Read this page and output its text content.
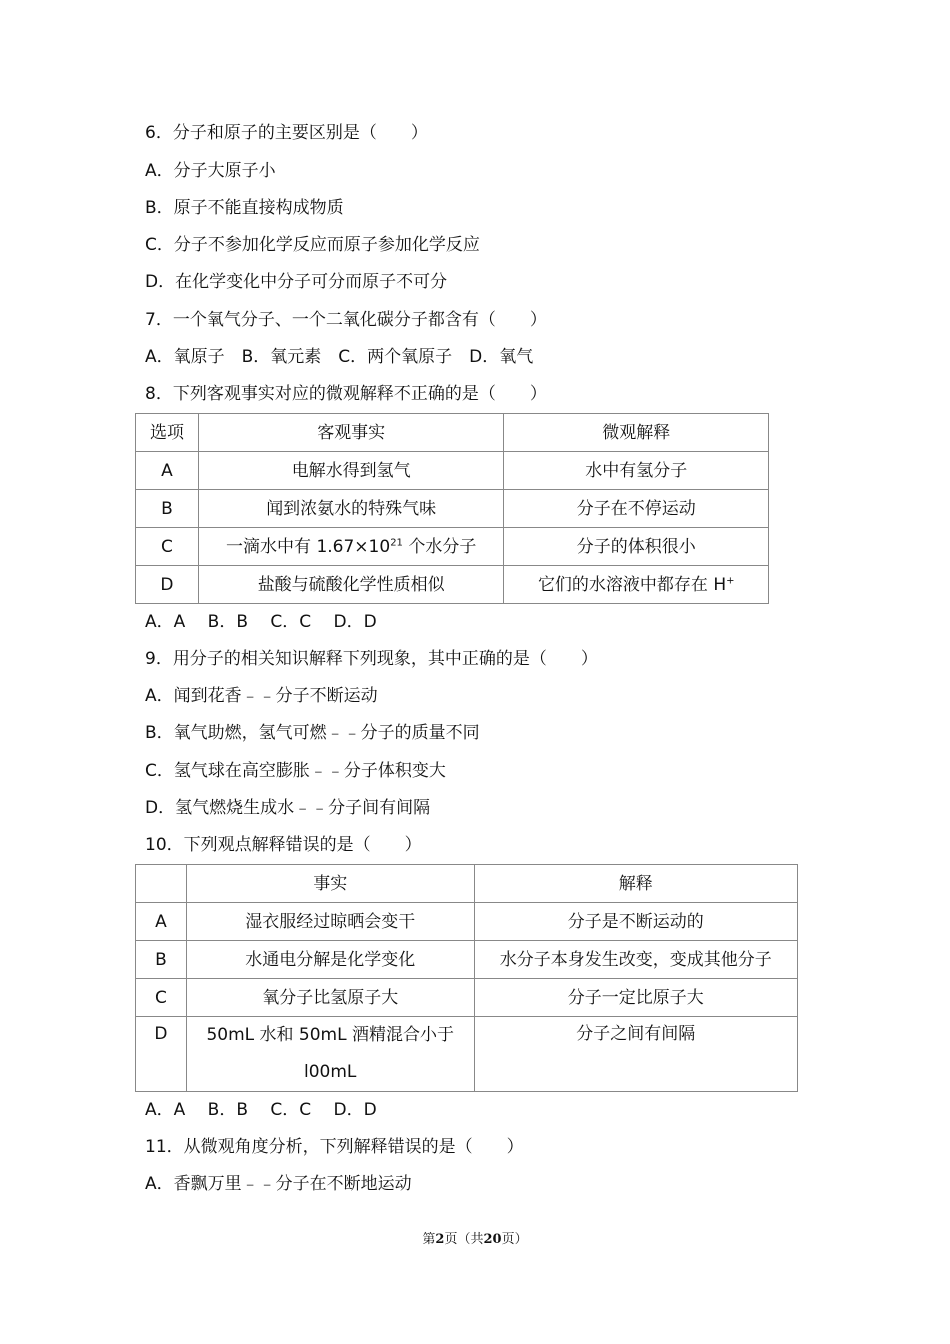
6．分子和原子的主要区别是（　　）
A．分子大原子小
B．原子不能直接构成物质
C．分子不参加化学反应而原子参加化学反应
D．在化学变化中分子可分而原子不可分
7．一个氧气分子、一个二氧化碳分子都含有（　　）
A．氧原子　B．氧元素　C．两个氧原子　D．氧气
8．下列客观事实对应的微观解释不正确的是（　　）
选项	客观事实	微观解释
A	电解水得到氢气	水中有氢分子
B	闻到浓氨水的特殊气味	分子在不停运动
C	一滴水中有 $1.67\times 10^{21}$ 个水分子	分子的体积很小
D	盐酸与硫酸化学性质相似	它们的水溶液中都存在 H+
A．A　 B．B　 C．C　 D．D
9．用分子的相关知识解释下列现象，其中正确的是（　　）
A．闻到花香﹣﹣分子不断运动
B．氧气助燃，氢气可燃﹣﹣分子的质量不同
C．氢气球在高空膨胀﹣﹣分子体积变大
D．氢气燃烧生成水﹣﹣分子间有间隔
10．下列观点解释错误的是（　　）
	事实	解释
A	湿衣服经过晾晒会变干	分子是不断运动的
B	水通电分解是化学变化	水分子本身发生改变，变成其他分子
C	氧分子比氢原子大	分子一定比原子大
D	50mL 水和 50mL 酒精混合小于
l00mL	分子之间有间隔
A．A　 B．B　 C．C　 D．D
11．从微观角度分析，下列解释错误的是（　　）
A．香飘万里﹣﹣分子在不断地运动
第2页（共20页）
